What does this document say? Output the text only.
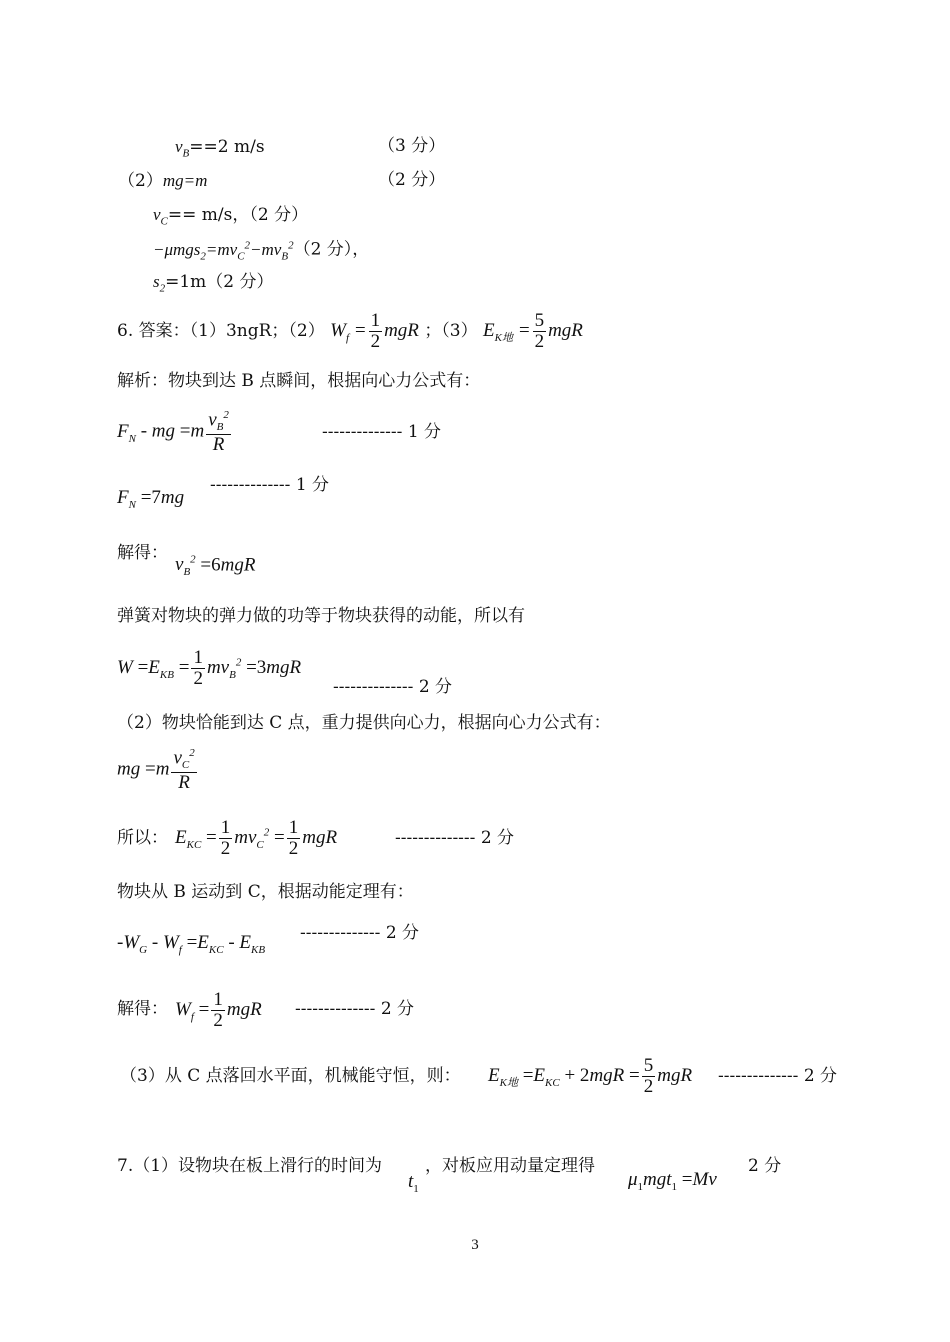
$v_B==2$ m/s	（3 分）
（2）mg=m	（2 分）
$v_C== m/s$，（2 分）
$-\mu mgs_2=mv_C^2-mv_B^2(2$ 分），
$s_2=1m(2$ 分）
6. 答案：（1）3ngR；（2） $W_f = \frac{1}{2}$ mgR ；（3） $E_{K地} = \frac{5}{2}$ mgR
解析：物块到达 B 点瞬间，根据向心力公式有：
$F_N$ - mg $=m \frac{v_B^2}{R}$	-------------- 1 分
$F_N =7mg$
-------------- 1 分
解得：
$v_B^2 =6mgR$
弹簧对物块的弹力做的功等于物块获得的动能，所以有
$W =E_{KB} = \frac{1}{2} mv_B^2 =3mgR$
-------------- 2 分
（2）物块恰能到达 C 点，重力提供向心力，根据向心力公式有：
mg $=m \frac{v_C^2}{R}$
所以： $E_{KC} = \frac{1}{2} mv_C^2 = \frac{1}{2}$ mgR	-------------- 2 分
物块从 B 运动到 C，根据动能定理有：
$-W_G - W_f =E_{KC} - E_{KB}$
-------------- 2 分
解得： $W_f = \frac{1}{2}$ mgR -------------- 2 分
（3）从 C 点落回水平面，机械能守恒，则： $E_{K地} =E_{KC} + 2mgR = \frac{5}{2}$ mgR -------------- 2 分
7.（1）设物块在板上滑行的时间为
$t_1$
，对板应用动量定理得
$\mu_1mgt_1 =Mv$
2 分
3
